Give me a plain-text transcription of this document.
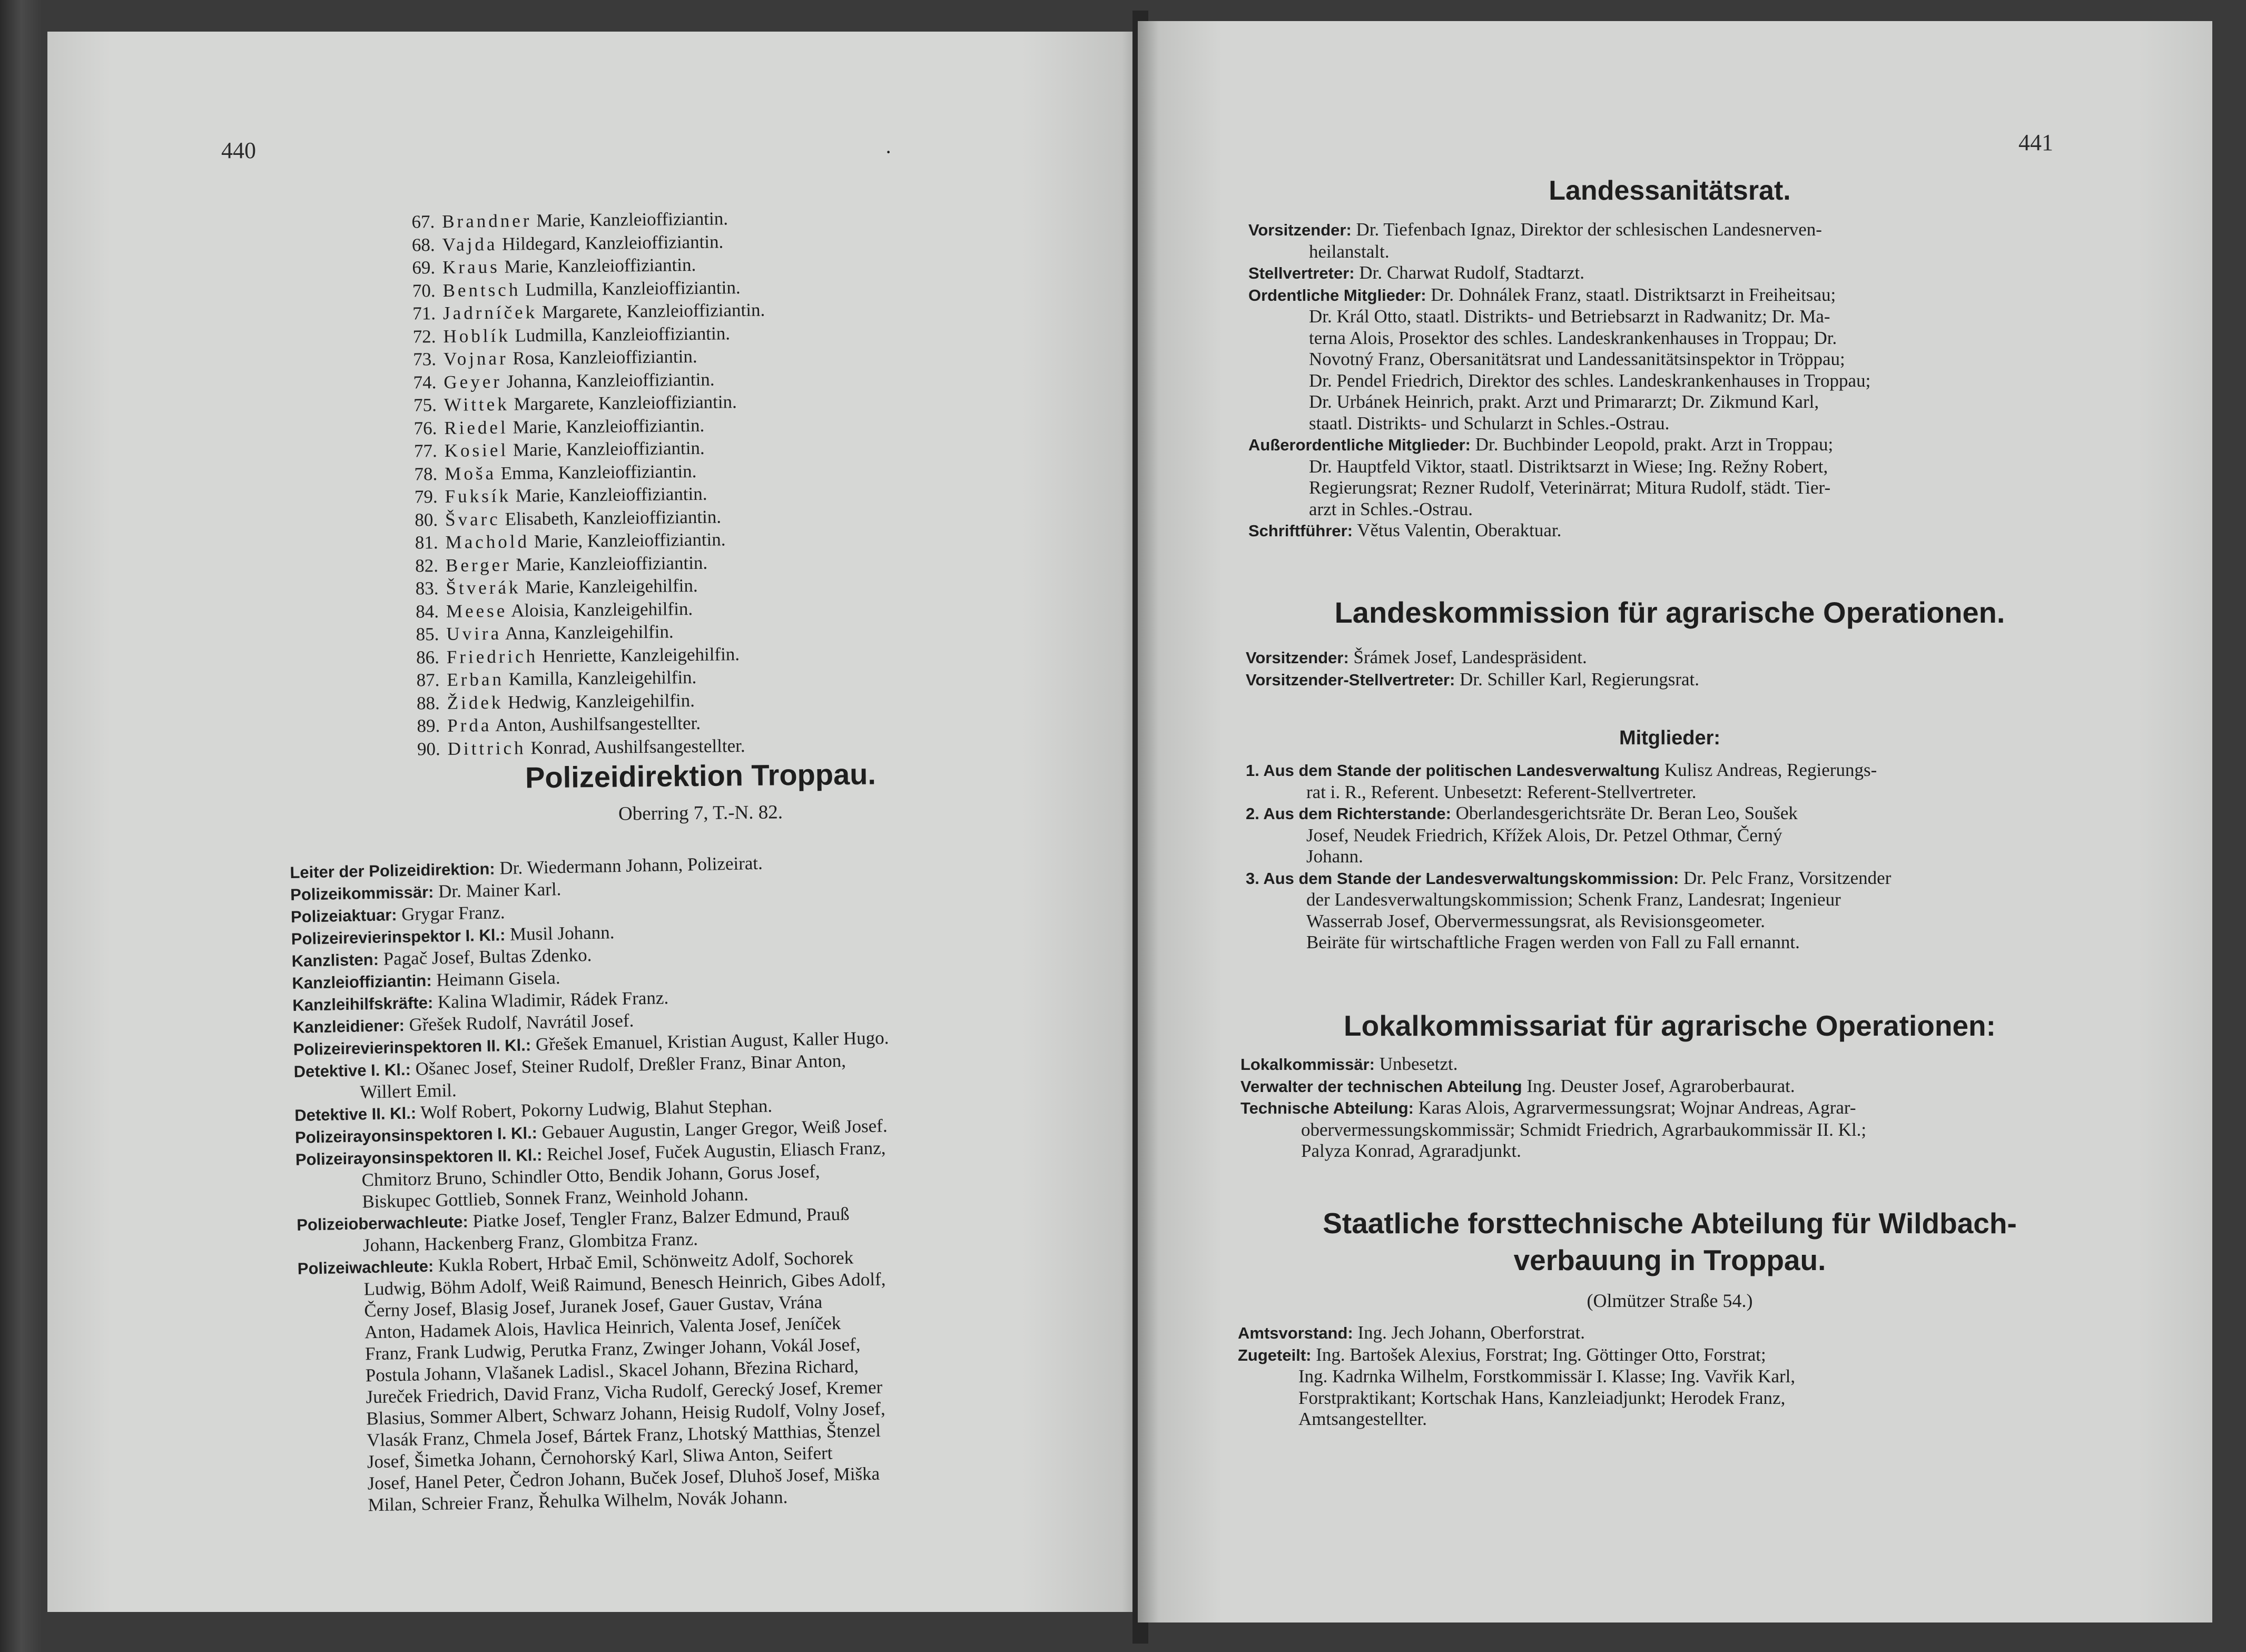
440	·
67. Brandner Marie, Kanzleioffiziantin.
68. Vajda Hildegard, Kanzleioffiziantin.
69. Kraus Marie, Kanzleioffiziantin.
70. Bentsch Ludmilla, Kanzleioffiziantin.
71. Jadrníček Margarete, Kanzleioffiziantin.
72. Hoblík Ludmilla, Kanzleioffiziantin.
73. Vojnar Rosa, Kanzleioffiziantin.
74. Geyer Johanna, Kanzleioffiziantin.
75. Wittek Margarete, Kanzleioffiziantin.
76. Riedel Marie, Kanzleioffiziantin.
77. Kosiel Marie, Kanzleioffiziantin.
78. Moša Emma, Kanzleioffiziantin.
79. Fuksík Marie, Kanzleioffiziantin.
80. Švarc Elisabeth, Kanzleioffiziantin.
81. Machold Marie, Kanzleioffiziantin.
82. Berger Marie, Kanzleioffiziantin.
83. Štverák Marie, Kanzleigehilfin.
84. Meese Aloisia, Kanzleigehilfin.
85. Uvira Anna, Kanzleigehilfin.
86. Friedrich Henriette, Kanzleigehilfin.
87. Erban Kamilla, Kanzleigehilfin.
88. Židek Hedwig, Kanzleigehilfin.
89. Prda Anton, Aushilfsangestellter.
90. Dittrich Konrad, Aushilfsangestellter.
Polizeidirektion Troppau.
Oberring 7, T.-N. 82.
Leiter der Polizeidirektion: Dr. Wiedermann Johann, Polizeirat.
Polizeikommissär: Dr. Mainer Karl.
Polizeiaktuar: Grygar Franz.
Polizeirevierinspektor I. Kl.: Musil Johann.
Kanzlisten: Pagač Josef, Bultas Zdenko.
Kanzleioffiziantin: Heimann Gisela.
Kanzleihilfskräfte: Kalina Wladimir, Rádek Franz.
Kanzleidiener: Gřešek Rudolf, Navrátil Josef.
Polizeirevierinspektoren II. Kl.: Gřešek Emanuel, Kristian August, Kaller Hugo.
Detektive I. Kl.: Ošanec Josef, Steiner Rudolf, Dreßler Franz, Binar Anton,
Willert Emil.
Detektive II. Kl.: Wolf Robert, Pokorny Ludwig, Blahut Stephan.
Polizeirayonsinspektoren I. Kl.: Gebauer Augustin, Langer Gregor, Weiß Josef.
Polizeirayonsinspektoren II. Kl.: Reichel Josef, Fuček Augustin, Eliasch Franz,
Chmitorz Bruno, Schindler Otto, Bendik Johann, Gorus Josef,
Biskupec Gottlieb, Sonnek Franz, Weinhold Johann.
Polizeioberwachleute: Piatke Josef, Tengler Franz, Balzer Edmund, Prauß
Johann, Hackenberg Franz, Glombitza Franz.
Polizeiwachleute: Kukla Robert, Hrbač Emil, Schönweitz Adolf, Sochorek
Ludwig, Böhm Adolf, Weiß Raimund, Benesch Heinrich, Gibes Adolf,
Černy Josef, Blasig Josef, Juranek Josef, Gauer Gustav, Vrána
Anton, Hadamek Alois, Havlica Heinrich, Valenta Josef, Jeníček
Franz, Frank Ludwig, Perutka Franz, Zwinger Johann, Vokál Josef,
Postula Johann, Vlašanek Ladisl., Skacel Johann, Březina Richard,
Jureček Friedrich, David Franz, Vicha Rudolf, Gerecký Josef, Kremer
Blasius, Sommer Albert, Schwarz Johann, Heisig Rudolf, Volny Josef,
Vlasák Franz, Chmela Josef, Bártek Franz, Lhotský Matthias, Štenzel
Josef, Šimetka Johann, Černohorský Karl, Sliwa Anton, Seifert
Josef, Hanel Peter, Čedron Johann, Buček Josef, Dluhoš Josef, Miška
Milan, Schreier Franz, Řehulka Wilhelm, Novák Johann.
441
Landessanitätsrat.
Vorsitzender: Dr. Tiefenbach Ignaz, Direktor der schlesischen Landesnerven-
heilanstalt.
Stellvertreter: Dr. Charwat Rudolf, Stadtarzt.
Ordentliche Mitglieder: Dr. Dohnálek Franz, staatl. Distriktsarzt in Freiheitsau;
Dr. Král Otto, staatl. Distrikts- und Betriebsarzt in Radwanitz; Dr. Ma-
terna Alois, Prosektor des schles. Landeskrankenhauses in Troppau; Dr.
Novotný Franz, Obersanitätsrat und Landessanitätsinspektor in Tröppau;
Dr. Pendel Friedrich, Direktor des schles. Landeskrankenhauses in Troppau;
Dr. Urbánek Heinrich, prakt. Arzt und Primararzt; Dr. Zikmund Karl,
staatl. Distrikts- und Schularzt in Schles.-Ostrau.
Außerordentliche Mitglieder: Dr. Buchbinder Leopold, prakt. Arzt in Troppau;
Dr. Hauptfeld Viktor, staatl. Distriktsarzt in Wiese; Ing. Režny Robert,
Regierungsrat; Rezner Rudolf, Veterinärrat; Mitura Rudolf, städt. Tier-
arzt in Schles.-Ostrau.
Schriftführer: Větus Valentin, Oberaktuar.
Landeskommission für agrarische Operationen.
Vorsitzender: Šrámek Josef, Landespräsident.
Vorsitzender-Stellvertreter: Dr. Schiller Karl, Regierungsrat.
Mitglieder:
1. Aus dem Stande der politischen Landesverwaltung Kulisz Andreas, Regierungs-
rat i. R., Referent. Unbesetzt: Referent-Stellvertreter.
2. Aus dem Richterstande: Oberlandesgerichtsräte Dr. Beran Leo, Soušek
Josef, Neudek Friedrich, Křížek Alois, Dr. Petzel Othmar, Černý
Johann.
3. Aus dem Stande der Landesverwaltungskommission: Dr. Pelc Franz, Vorsitzender
der Landesverwaltungskommission; Schenk Franz, Landesrat; Ingenieur
Wasserrab Josef, Obervermessungsrat, als Revisionsgeometer.
Beiräte für wirtschaftliche Fragen werden von Fall zu Fall ernannt.
Lokalkommissariat für agrarische Operationen:
Lokalkommissär: Unbesetzt.
Verwalter der technischen Abteilung Ing. Deuster Josef, Agraroberbaurat.
Technische Abteilung: Karas Alois, Agrarvermessungsrat; Wojnar Andreas, Agrar-
obervermessungskommissär; Schmidt Friedrich, Agrarbaukommissär II. Kl.;
Palyza Konrad, Agraradjunkt.
Staatliche forsttechnische Abteilung für Wildbach-
verbauung in Troppau.
(Olmützer Straße 54.)
Amtsvorstand: Ing. Jech Johann, Oberforstrat.
Zugeteilt: Ing. Bartošek Alexius, Forstrat; Ing. Göttinger Otto, Forstrat;
Ing. Kadrnka Wilhelm, Forstkommissär I. Klasse; Ing. Vavřik Karl,
Forstpraktikant; Kortschak Hans, Kanzleiadjunkt; Herodek Franz,
Amtsangestellter.
